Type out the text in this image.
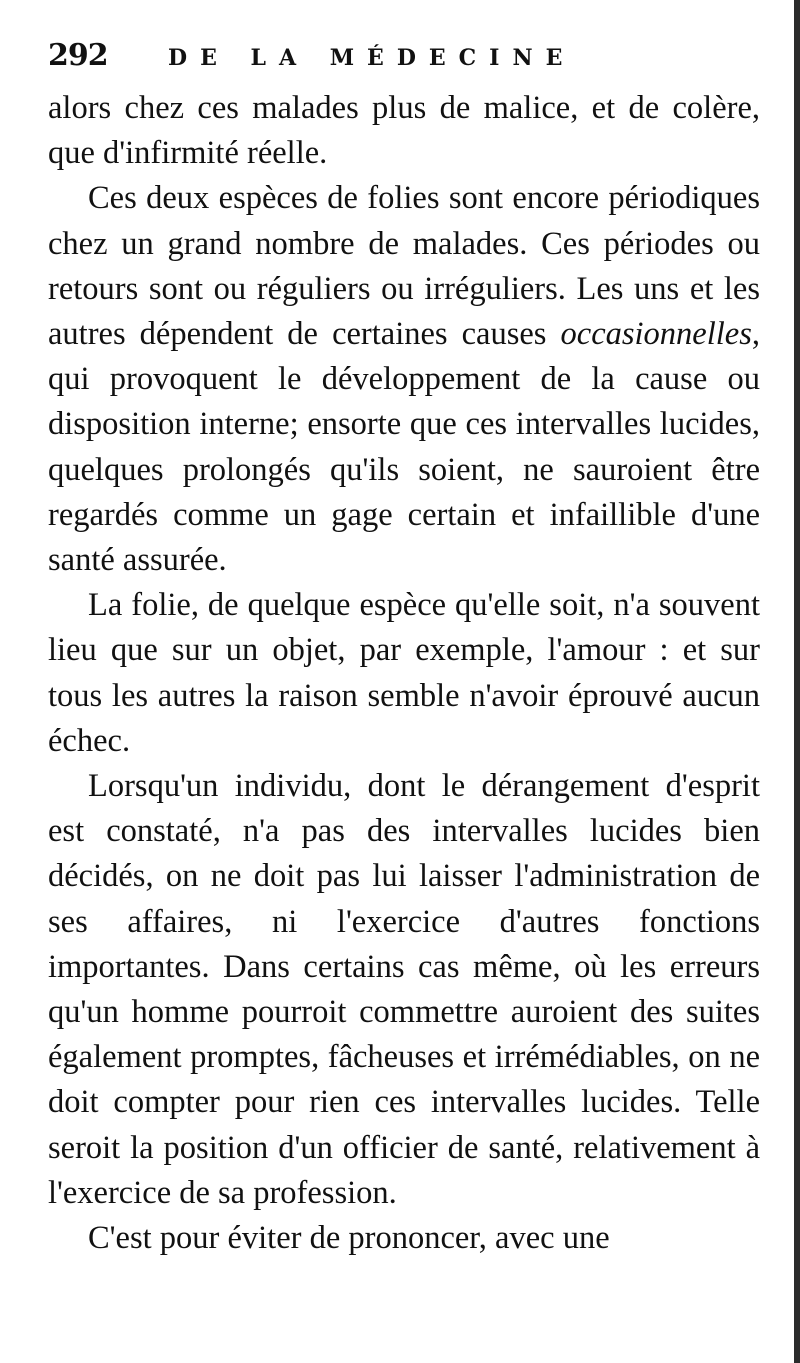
292	DE LA MÉDECINE

alors chez ces malades plus de malice, et de colère, que d'infirmité réelle.

Ces deux espèces de folies sont encore périodiques chez un grand nombre de malades. Ces périodes ou retours sont ou réguliers ou irréguliers. Les uns et les autres dépendent de certaines causes occasionnelles, qui provoquent le développement de la cause ou disposition interne; ensorte que ces intervalles lucides, quelques prolongés qu'ils soient, ne sauroient être regardés comme un gage certain et infaillible d'une santé assurée.

La folie, de quelque espèce qu'elle soit, n'a souvent lieu que sur un objet, par exemple, l'amour : et sur tous les autres la raison semble n'avoir éprouvé aucun échec.

Lorsqu'un individu, dont le dérangement d'esprit est constaté, n'a pas des intervalles lucides bien décidés, on ne doit pas lui laisser l'administration de ses affaires, ni l'exercice d'autres fonctions importantes. Dans certains cas même, où les erreurs qu'un homme pourroit commettre auroient des suites également promptes, fâcheuses et irrémédiables, on ne doit compter pour rien ces intervalles lucides. Telle seroit la position d'un officier de santé, relativement à l'exercice de sa profession.

C'est pour éviter de prononcer, avec une
